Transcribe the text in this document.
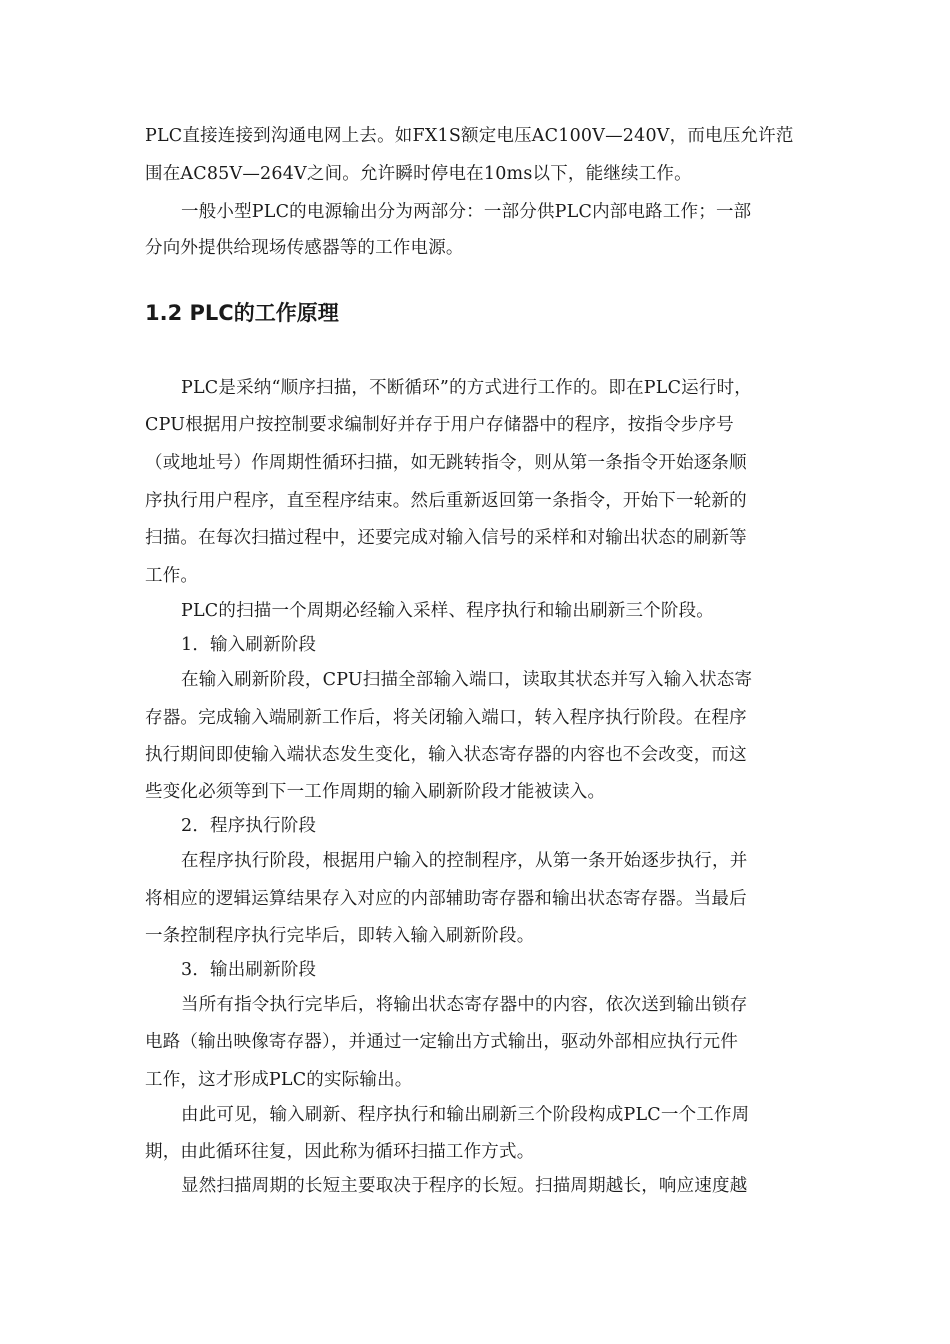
PLC直接连接到沟通电网上去。如FX1S额定电压AC100V—240V，而电压允许范
围在AC85V—264V之间。允许瞬时停电在10ms以下，能继续工作。
一般小型PLC的电源输出分为两部分：一部分供PLC内部电路工作；一部
分向外提供给现场传感器等的工作电源。
1.2 PLC的工作原理
PLC是采纳“顺序扫描，不断循环”的方式进行工作的。即在PLC运行时，
CPU根据用户按控制要求编制好并存于用户存储器中的程序，按指令步序号
（或地址号）作周期性循环扫描，如无跳转指令，则从第一条指令开始逐条顺
序执行用户程序，直至程序结束。然后重新返回第一条指令，开始下一轮新的
扫描。在每次扫描过程中，还要完成对输入信号的采样和对输出状态的刷新等
工作。
PLC的扫描一个周期必经输入采样、程序执行和输出刷新三个阶段。
1．输入刷新阶段
在输入刷新阶段，CPU扫描全部输入端口，读取其状态并写入输入状态寄
存器。完成输入端刷新工作后，将关闭输入端口，转入程序执行阶段。在程序
执行期间即使输入端状态发生变化，输入状态寄存器的内容也不会改变，而这
些变化必须等到下一工作周期的输入刷新阶段才能被读入。
2．程序执行阶段
在程序执行阶段，根据用户输入的控制程序，从第一条开始逐步执行，并
将相应的逻辑运算结果存入对应的内部辅助寄存器和输出状态寄存器。当最后
一条控制程序执行完毕后，即转入输入刷新阶段。
3．输出刷新阶段
当所有指令执行完毕后，将输出状态寄存器中的内容，依次送到输出锁存
电路（输出映像寄存器），并通过一定输出方式输出，驱动外部相应执行元件
工作，这才形成PLC的实际输出。
由此可见，输入刷新、程序执行和输出刷新三个阶段构成PLC一个工作周
期，由此循环往复，因此称为循环扫描工作方式。
显然扫描周期的长短主要取决于程序的长短。扫描周期越长，响应速度越
